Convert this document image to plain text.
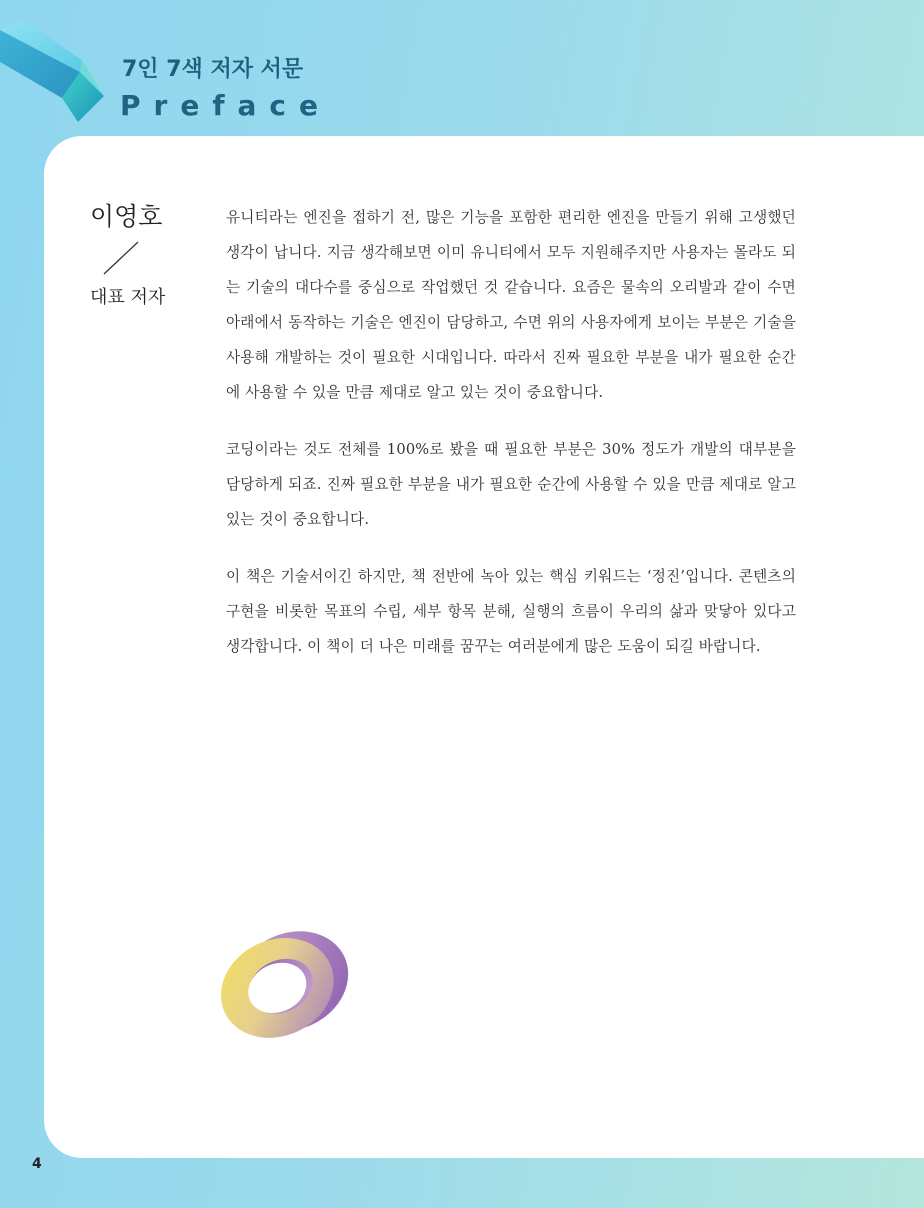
7인 7색 저자 서문
Preface

이영호

대표 저자

유니티라는 엔진을 접하기 전, 많은 기능을 포함한 편리한 엔진을 만들기 위해 고생했던 생각이 납니다. 지금 생각해보면 이미 유니티에서 모두 지원해주지만 사용자는 몰라도 되는 기술의 대다수를 중심으로 작업했던 것 같습니다. 요즘은 물속의 오리발과 같이 수면 아래에서 동작하는 기술은 엔진이 담당하고, 수면 위의 사용자에게 보이는 부분은 기술을 사용해 개발하는 것이 필요한 시대입니다. 따라서 진짜 필요한 부분을 내가 필요한 순간에 사용할 수 있을 만큼 제대로 알고 있는 것이 중요합니다.

코딩이라는 것도 전체를 100%로 봤을 때 필요한 부분은 30% 정도가 개발의 대부분을 담당하게 되죠. 진짜 필요한 부분을 내가 필요한 순간에 사용할 수 있을 만큼 제대로 알고 있는 것이 중요합니다.

이 책은 기술서이긴 하지만, 책 전반에 녹아 있는 핵심 키워드는 ‘정진’입니다. 콘텐츠의 구현을 비롯한 목표의 수립, 세부 항목 분해, 실행의 흐름이 우리의 삶과 맞닿아 있다고 생각합니다. 이 책이 더 나은 미래를 꿈꾸는 여러분에게 많은 도움이 되길 바랍니다.

4
